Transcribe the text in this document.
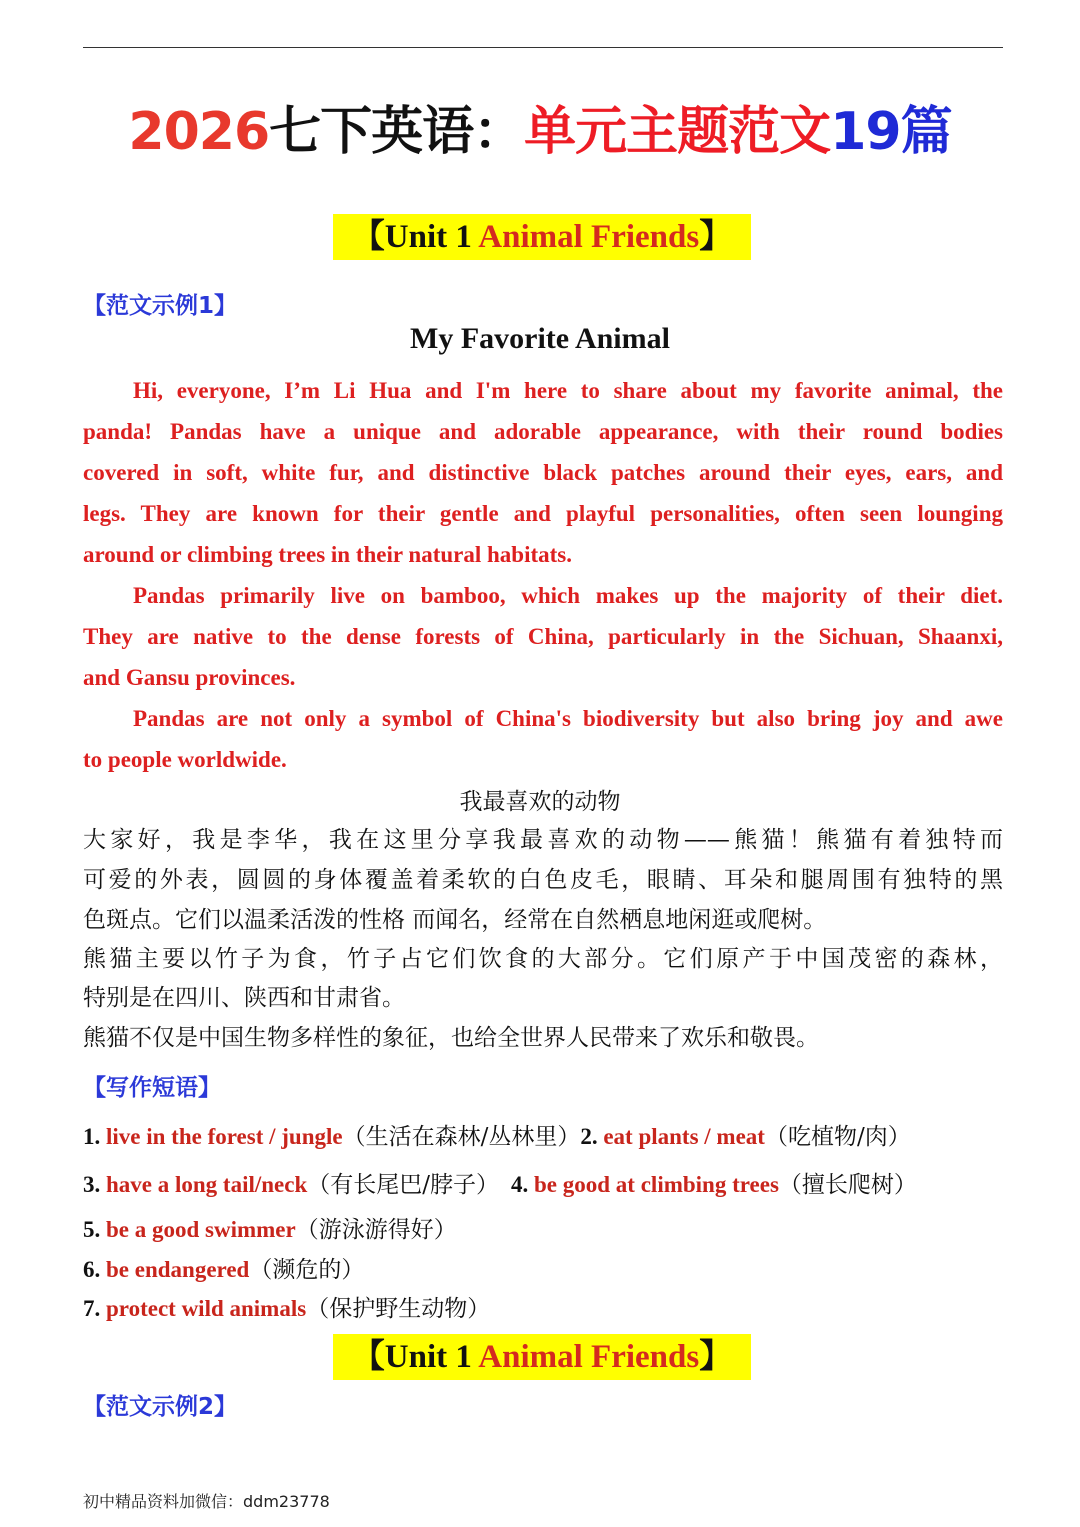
2026七下英语：单元主题范文19篇
【Unit 1 Animal Friends】
【范文示例1】
My Favorite Animal
Hi, everyone, I’m Li Hua and I'm here to share about my favorite animal, the
panda! Pandas have a unique and adorable appearance, with their round bodies
covered in soft, white fur, and distinctive black patches around their eyes, ears, and
legs. They are known for their gentle and playful personalities, often seen lounging
around or climbing trees in their natural habitats.
Pandas primarily live on bamboo, which makes up the majority of their diet.
They are native to the dense forests of China, particularly in the Sichuan, Shaanxi,
and Gansu provinces.
Pandas are not only a symbol of China's biodiversity but also bring joy and awe
to people worldwide.
我最喜欢的动物
大家好，我是李华，我在这里分享我最喜欢的动物——熊猫！熊猫有着独特而
可爱的外表，圆圆的身体覆盖着柔软的白色皮毛，眼睛、耳朵和腿周围有独特的黑
色斑点。它们以温柔活泼的性格 而闻名，经常在自然栖息地闲逛或爬树。
熊猫主要以竹子为食，竹子占它们饮食的大部分。它们原产于中国茂密的森林，
特别是在四川、陕西和甘肃省。
熊猫不仅是中国生物多样性的象征，也给全世界人民带来了欢乐和敬畏。
【写作短语】
1. live in the forest / jungle（生活在森林/丛林里）2. eat plants / meat（吃植物/肉）
3. have a long tail/neck（有长尾巴/脖子） 4. be good at climbing trees（擅长爬树）
5. be a good swimmer（游泳游得好）
6. be endangered（濒危的）
7. protect wild animals（保护野生动物）
【Unit 1 Animal Friends】
【范文示例2】
初中精品资料加微信：ddm23778
